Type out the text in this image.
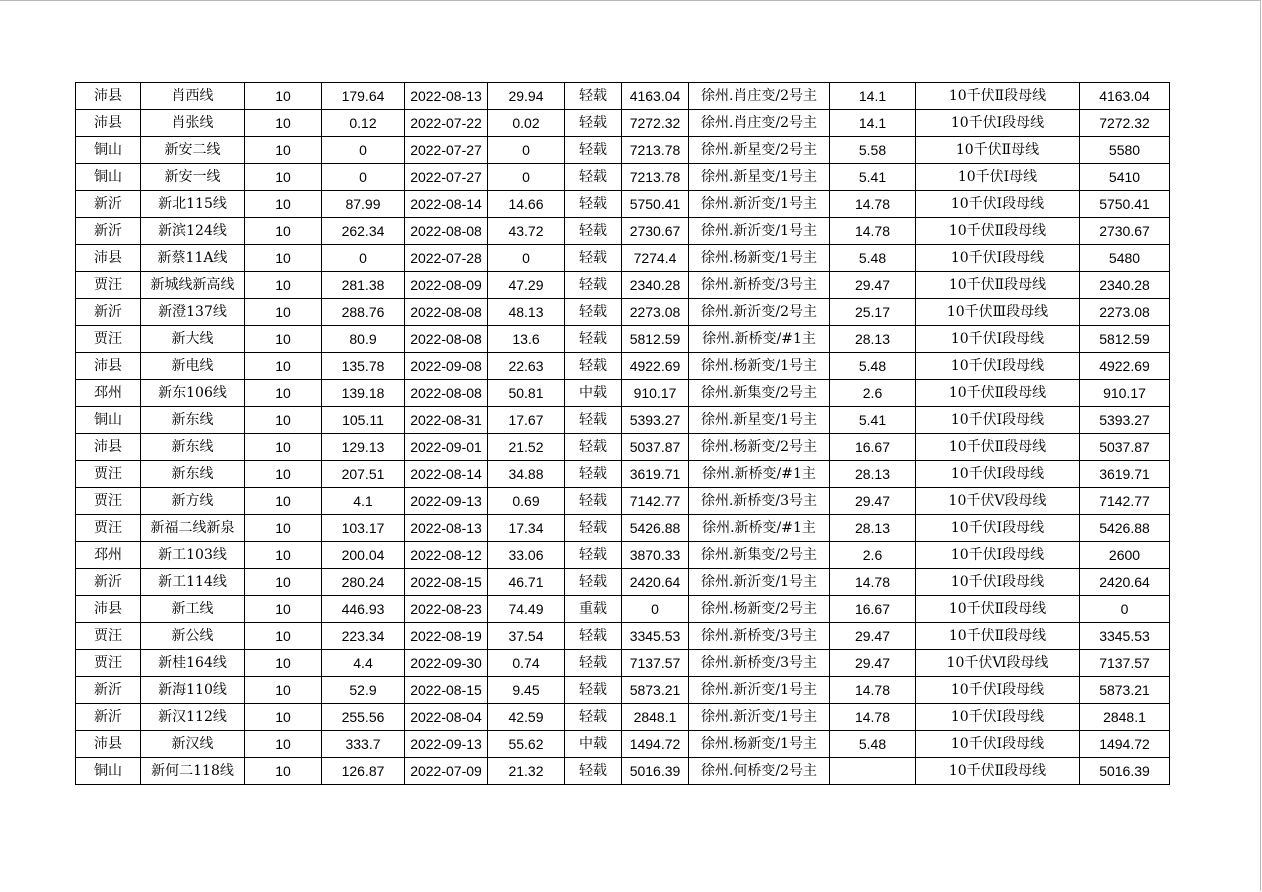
沛县	肖西线	10	179.64	2022-08-13	29.94	轻载	4163.04	徐州.肖庄变/2号主	14.1	10千伏Ⅱ段母线	4163.04
沛县	肖张线	10	0.12	2022-07-22	0.02	轻载	7272.32	徐州.肖庄变/2号主	14.1	10千伏Ⅰ段母线	7272.32
铜山	新安二线	10	0	2022-07-27	0	轻载	7213.78	徐州.新星变/2号主	5.58	10千伏Ⅱ母线	5580
铜山	新安一线	10	0	2022-07-27	0	轻载	7213.78	徐州.新星变/1号主	5.41	10千伏Ⅰ母线	5410
新沂	新北115线	10	87.99	2022-08-14	14.66	轻载	5750.41	徐州.新沂变/1号主	14.78	10千伏Ⅰ段母线	5750.41
新沂	新滨124线	10	262.34	2022-08-08	43.72	轻载	2730.67	徐州.新沂变/1号主	14.78	10千伏Ⅱ段母线	2730.67
沛县	新蔡11A线	10	0	2022-07-28	0	轻载	7274.4	徐州.杨新变/1号主	5.48	10千伏Ⅰ段母线	5480
贾汪	新城线新高线	10	281.38	2022-08-09	47.29	轻载	2340.28	徐州.新桥变/3号主	29.47	10千伏Ⅱ段母线	2340.28
新沂	新澄137线	10	288.76	2022-08-08	48.13	轻载	2273.08	徐州.新沂变/2号主	25.17	10千伏Ⅲ段母线	2273.08
贾汪	新大线	10	80.9	2022-08-08	13.6	轻载	5812.59	徐州.新桥变/#1主	28.13	10千伏Ⅰ段母线	5812.59
沛县	新电线	10	135.78	2022-09-08	22.63	轻载	4922.69	徐州.杨新变/1号主	5.48	10千伏Ⅰ段母线	4922.69
邳州	新东106线	10	139.18	2022-08-08	50.81	中载	910.17	徐州.新集变/2号主	2.6	10千伏Ⅱ段母线	910.17
铜山	新东线	10	105.11	2022-08-31	17.67	轻载	5393.27	徐州.新星变/1号主	5.41	10千伏Ⅰ段母线	5393.27
沛县	新东线	10	129.13	2022-09-01	21.52	轻载	5037.87	徐州.杨新变/2号主	16.67	10千伏Ⅱ段母线	5037.87
贾汪	新东线	10	207.51	2022-08-14	34.88	轻载	3619.71	徐州.新桥变/#1主	28.13	10千伏Ⅰ段母线	3619.71
贾汪	新方线	10	4.1	2022-09-13	0.69	轻载	7142.77	徐州.新桥变/3号主	29.47	10千伏Ⅴ段母线	7142.77
贾汪	新福二线新泉	10	103.17	2022-08-13	17.34	轻载	5426.88	徐州.新桥变/#1主	28.13	10千伏Ⅰ段母线	5426.88
邳州	新工103线	10	200.04	2022-08-12	33.06	轻载	3870.33	徐州.新集变/2号主	2.6	10千伏Ⅰ段母线	2600
新沂	新工114线	10	280.24	2022-08-15	46.71	轻载	2420.64	徐州.新沂变/1号主	14.78	10千伏Ⅰ段母线	2420.64
沛县	新工线	10	446.93	2022-08-23	74.49	重载	0	徐州.杨新变/2号主	16.67	10千伏Ⅱ段母线	0
贾汪	新公线	10	223.34	2022-08-19	37.54	轻载	3345.53	徐州.新桥变/3号主	29.47	10千伏Ⅱ段母线	3345.53
贾汪	新桂164线	10	4.4	2022-09-30	0.74	轻载	7137.57	徐州.新桥变/3号主	29.47	10千伏Ⅵ段母线	7137.57
新沂	新海110线	10	52.9	2022-08-15	9.45	轻载	5873.21	徐州.新沂变/1号主	14.78	10千伏Ⅰ段母线	5873.21
新沂	新汉112线	10	255.56	2022-08-04	42.59	轻载	2848.1	徐州.新沂变/1号主	14.78	10千伏Ⅰ段母线	2848.1
沛县	新汉线	10	333.7	2022-09-13	55.62	中载	1494.72	徐州.杨新变/1号主	5.48	10千伏Ⅰ段母线	1494.72
铜山	新何二118线	10	126.87	2022-07-09	21.32	轻载	5016.39	徐州.何桥变/2号主		10千伏Ⅱ段母线	5016.39
